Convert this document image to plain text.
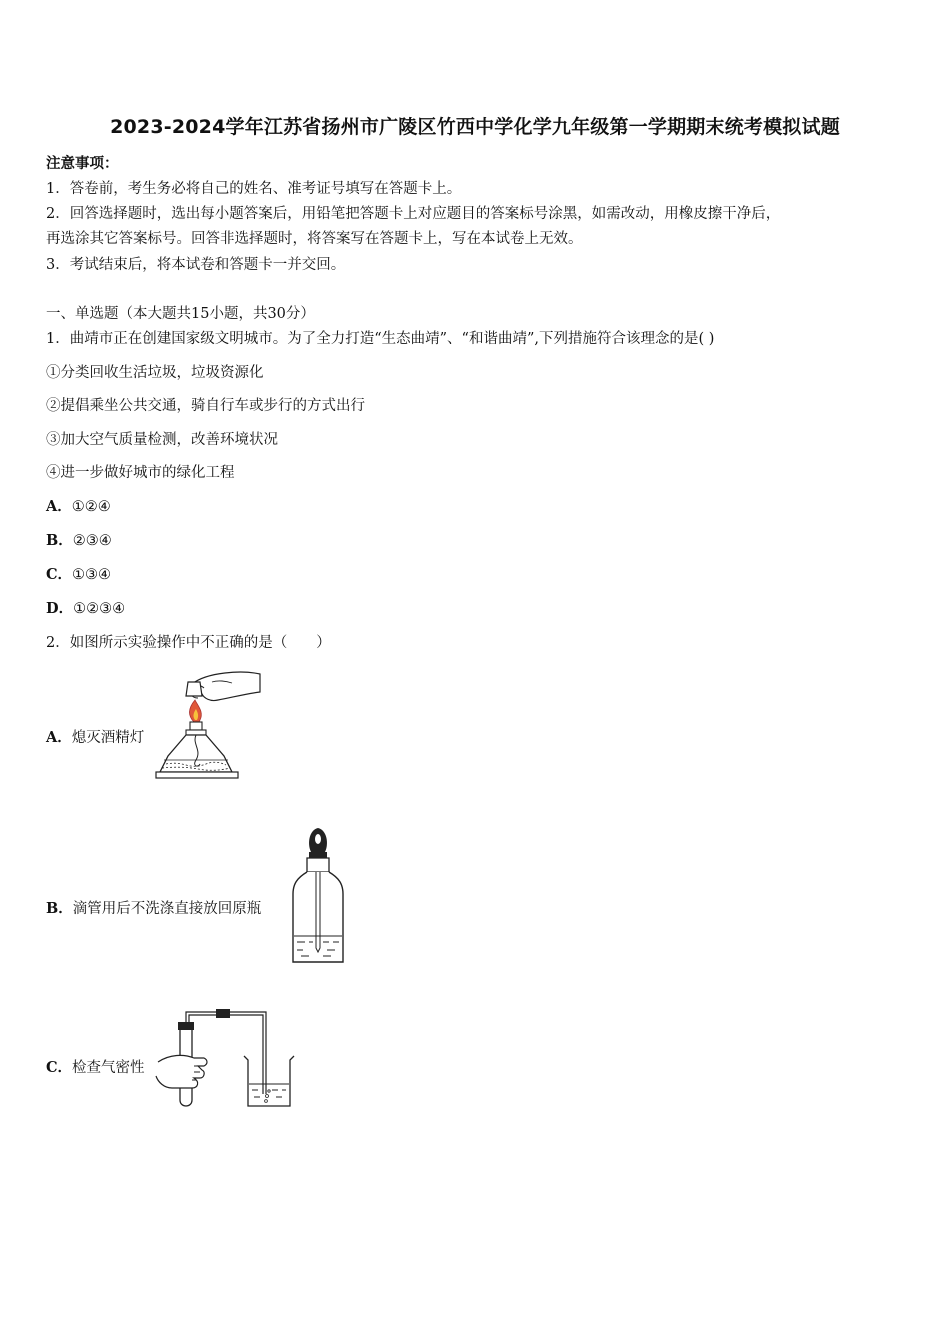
2023-2024学年江苏省扬州市广陵区竹西中学化学九年级第一学期期末统考模拟试题
注意事项：
1．答卷前，考生务必将自己的姓名、准考证号填写在答题卡上。
2．回答选择题时，选出每小题答案后，用铅笔把答题卡上对应题目的答案标号涂黑，如需改动，用橡皮擦干净后，
再选涂其它答案标号。回答非选择题时，将答案写在答题卡上，写在本试卷上无效。
3．考试结束后，将本试卷和答题卡一并交回。
一、单选题（本大题共15小题，共30分）
1．曲靖市正在创建国家级文明城市。为了全力打造“生态曲靖”、“和谐曲靖”,下列措施符合该理念的是( )
①分类回收生活垃圾，垃圾资源化
②提倡乘坐公共交通，骑自行车或步行的方式出行
③加大空气质量检测，改善环境状况
④进一步做好城市的绿化工程
A．①②④
B．②③④
C．①③④
D．①②③④
2．如图所示实验操作中不正确的是（　　）
A．熄灭酒精灯
B．滴管用后不洗涤直接放回原瓶
C．检查气密性
